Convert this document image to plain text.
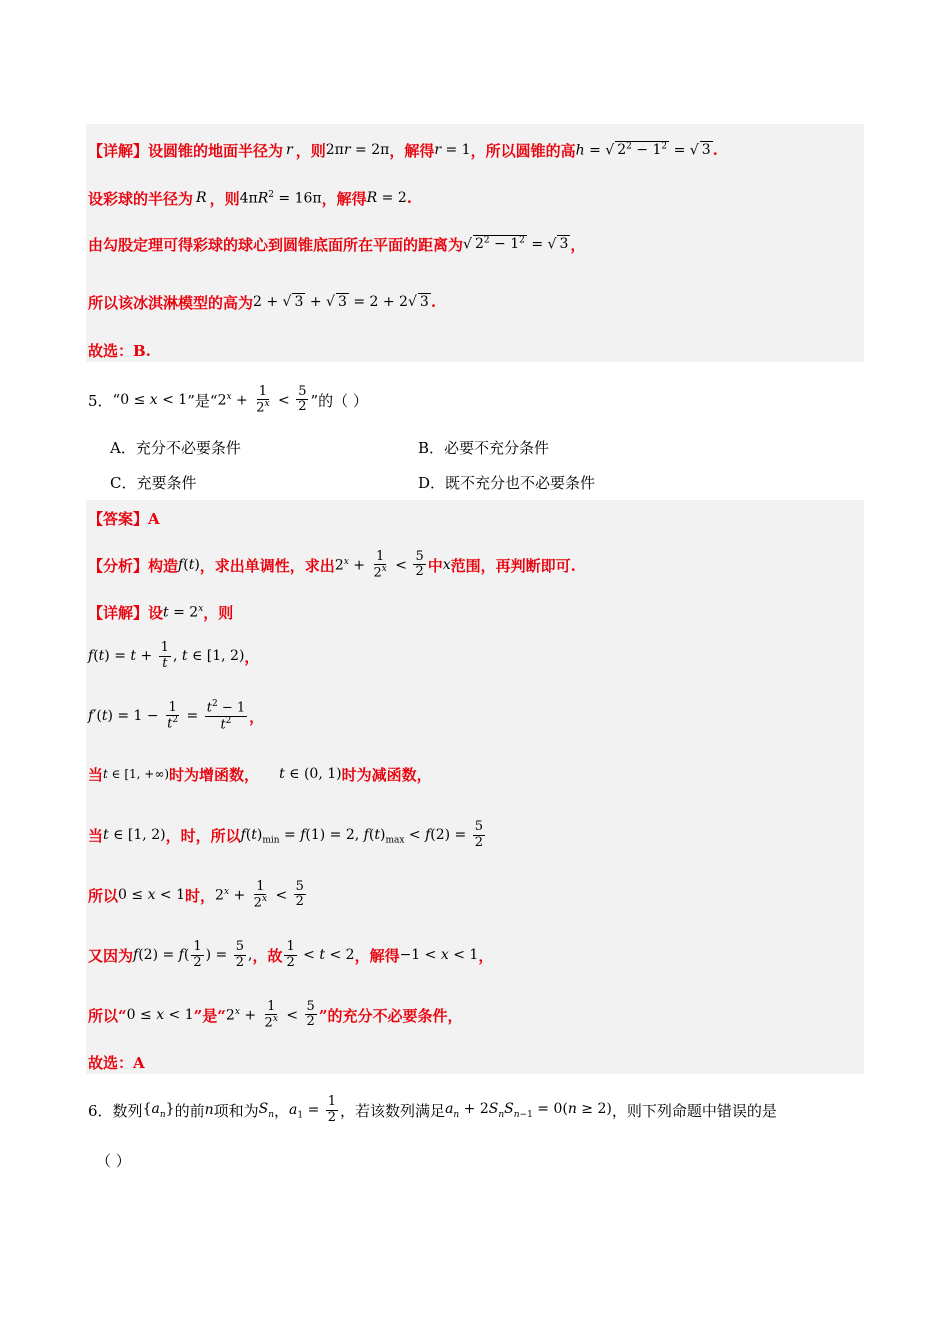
【详解】 设圆锥的地面半径为 r ，则 2πr = 2π ，解得 r = 1 ，所以圆锥的高 h = √ $2^2 - 1^2$ = √ 3 .
设彩球的半径为 R ，则 $4\pi R^2 = 16\pi$ ，解得 R = 2 .
由勾股定理可得彩球的球心到圆锥底面所在平面的距离为 √ $2^2 - 1^2$ = √ 3 ，
所以该冰淇淋模型的高为 2 + √ 3 + √ 3 = 2 + 2√ 3 .
故选：B.
5． “ 0 ≤ x < 1 ”是“ $2^x + \frac{1}{2^x} < \frac{5}{2}$ ”的（ ）
A．充分不必要条件	B．必要不充分条件
C．充要条件	D．既不充分也不必要条件
【答案】A
【分析】 构造 f(t) ，求出单调性，求出 $2^x + \frac{1}{2^x} < \frac{5}{2}$ 中 x 范围，再判断即可.
【详解】 设 $t = 2^x$ ，则
$f(t) = t + \frac{1}{t}$ , t ∈ [1, 2) ，
$f'(t) = 1 - \frac{1}{t^2} = \frac{t^2 - 1}{t^2}$ ，
当 t ∈ [1, +∞) 时为增函数， t ∈ (0, 1) 时为减函数，
当 t ∈ [1, 2) ，时，所以 $f(t)_{min} = f(1) = 2$, $f(t)_{max} < f(2) = \frac{5}{2}$
所以 0 ≤ x < 1 时， $2^x + \frac{1}{2^x} < \frac{5}{2}$
又因为 $f(2) = f( \frac{1}{2}$ ) = $\frac{5}{2}$ , ，故 $\frac{1}{2} < t < 2$ ，解得 −1 < x < 1 ，
所以“ 0 ≤ x < 1 ”是“ $2^x + \frac{1}{2^x} < \frac{5}{2}$ ”的充分不必要条件，
故选：A
6． 数列 $\{a_n\}$ 的前 n 项和为 $S_n$ ， $a_1 = \frac{1}{2}$ ，若该数列满足 $a_n + 2S_nS_{n-1} = 0(n \ge 2)$ ，则下列命题中错误的是
（ ）
